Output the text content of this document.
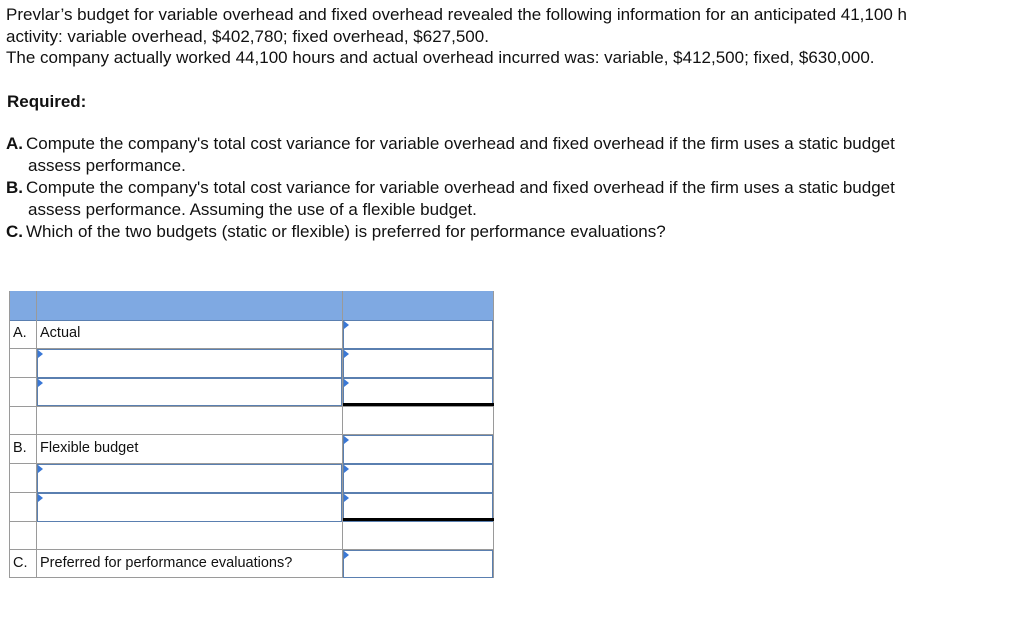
Prevlar’s budget for variable overhead and fixed overhead revealed the following information for an anticipated 41,100 h
activity: variable overhead, $402,780; fixed overhead, $627,500.
The company actually worked 44,100 hours and actual overhead incurred was: variable, $412,500; fixed, $630,000.
Required:
A. Compute the company's total cost variance for variable overhead and fixed overhead if the firm uses a static budget
assess performance.
B. Compute the company's total cost variance for variable overhead and fixed overhead if the firm uses a static budget
assess performance. Assuming the use of a flexible budget.
C. Which of the two budgets (static or flexible) is preferred for performance evaluations?
A. Actual
B. Flexible budget
C. Preferred for performance evaluations?
